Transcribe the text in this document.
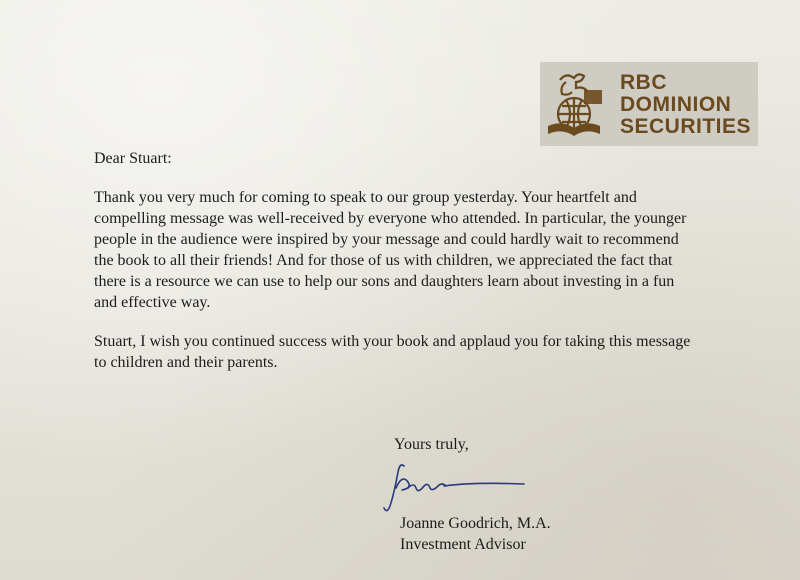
RBC
DOMINION
SECURITIES

Dear Stuart:

Thank you very much for coming to speak to our group yesterday. Your heartfelt and compelling message was well-received by everyone who attended. In particular, the younger people in the audience were inspired by your message and could hardly wait to recommend the book to all their friends! And for those of us with children, we appreciated the fact that there is a resource we can use to help our sons and daughters learn about investing in a fun and effective way.

Stuart, I wish you continued success with your book and applaud you for taking this message to children and their parents.

Yours truly,
Joanne Goodrich, M.A.
Investment Advisor
